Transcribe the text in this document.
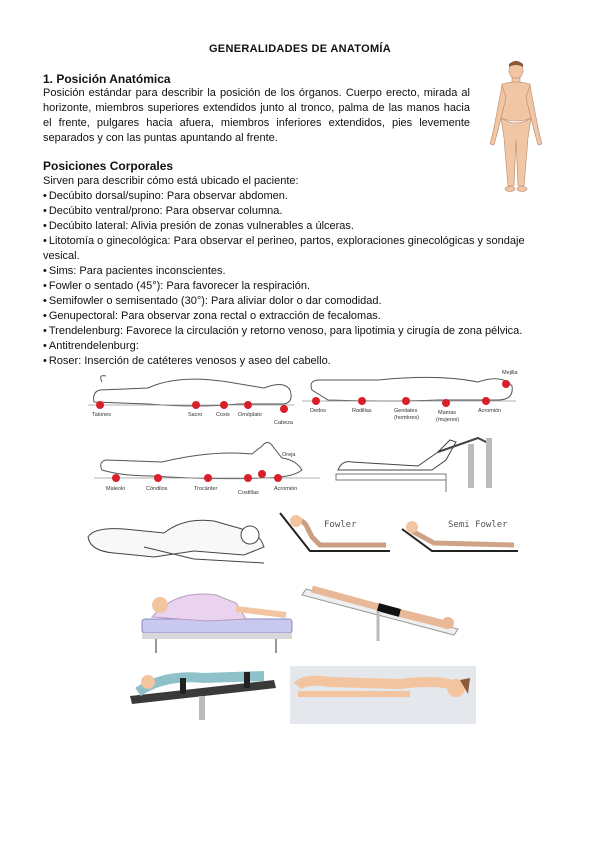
GENERALIDADES DE ANATOMÍA
1. Posición Anatómica
Posición estándar para describir la posición de los órganos. Cuerpo erecto, mirada al horizonte, miembros superiores extendidos junto al tronco, palma de las manos hacia el frente, pulgares hacia afuera, miembros inferiores extendidos, pies levemente separados y con las puntas apuntando al frente.
Posiciones Corporales
Sirven para describir cómo está ubicado el paciente:
• Decúbito dorsal/supino: Para observar abdomen.
• Decúbito ventral/prono: Para observar columna.
• Decúbito lateral: Alivia presión de zonas vulnerables a úlceras.
• Litotomía o ginecológica: Para observar el perineo, partos, exploraciones ginecológicas y sondaje vesical.
• Sims: Para pacientes inconscientes.
• Fowler o sentado (45°): Para favorecer la respiración.
• Semifowler o semisentado (30°): Para aliviar dolor o dar comodidad.
• Genupectoral: Para observar zona rectal o extracción de fecalomas.
• Trendelenburg: Favorece la circulación y retorno venoso, para lipotimia y cirugía de zona pélvica.
• Antitrendelenburg:
• Roser: Inserción de catéteres venosos y aseo del cabello.
Talones	Sacro Coxis Omóplato
Cabeza
Dedos	Rodillas	Genitales
(hombres)
Mamas
(mujeres)
Mejilla
Acromión
Maleolo	Cóndilos	Trocánter
Costillas
Oreja
Acromión
Fowler	Semi Fowler
